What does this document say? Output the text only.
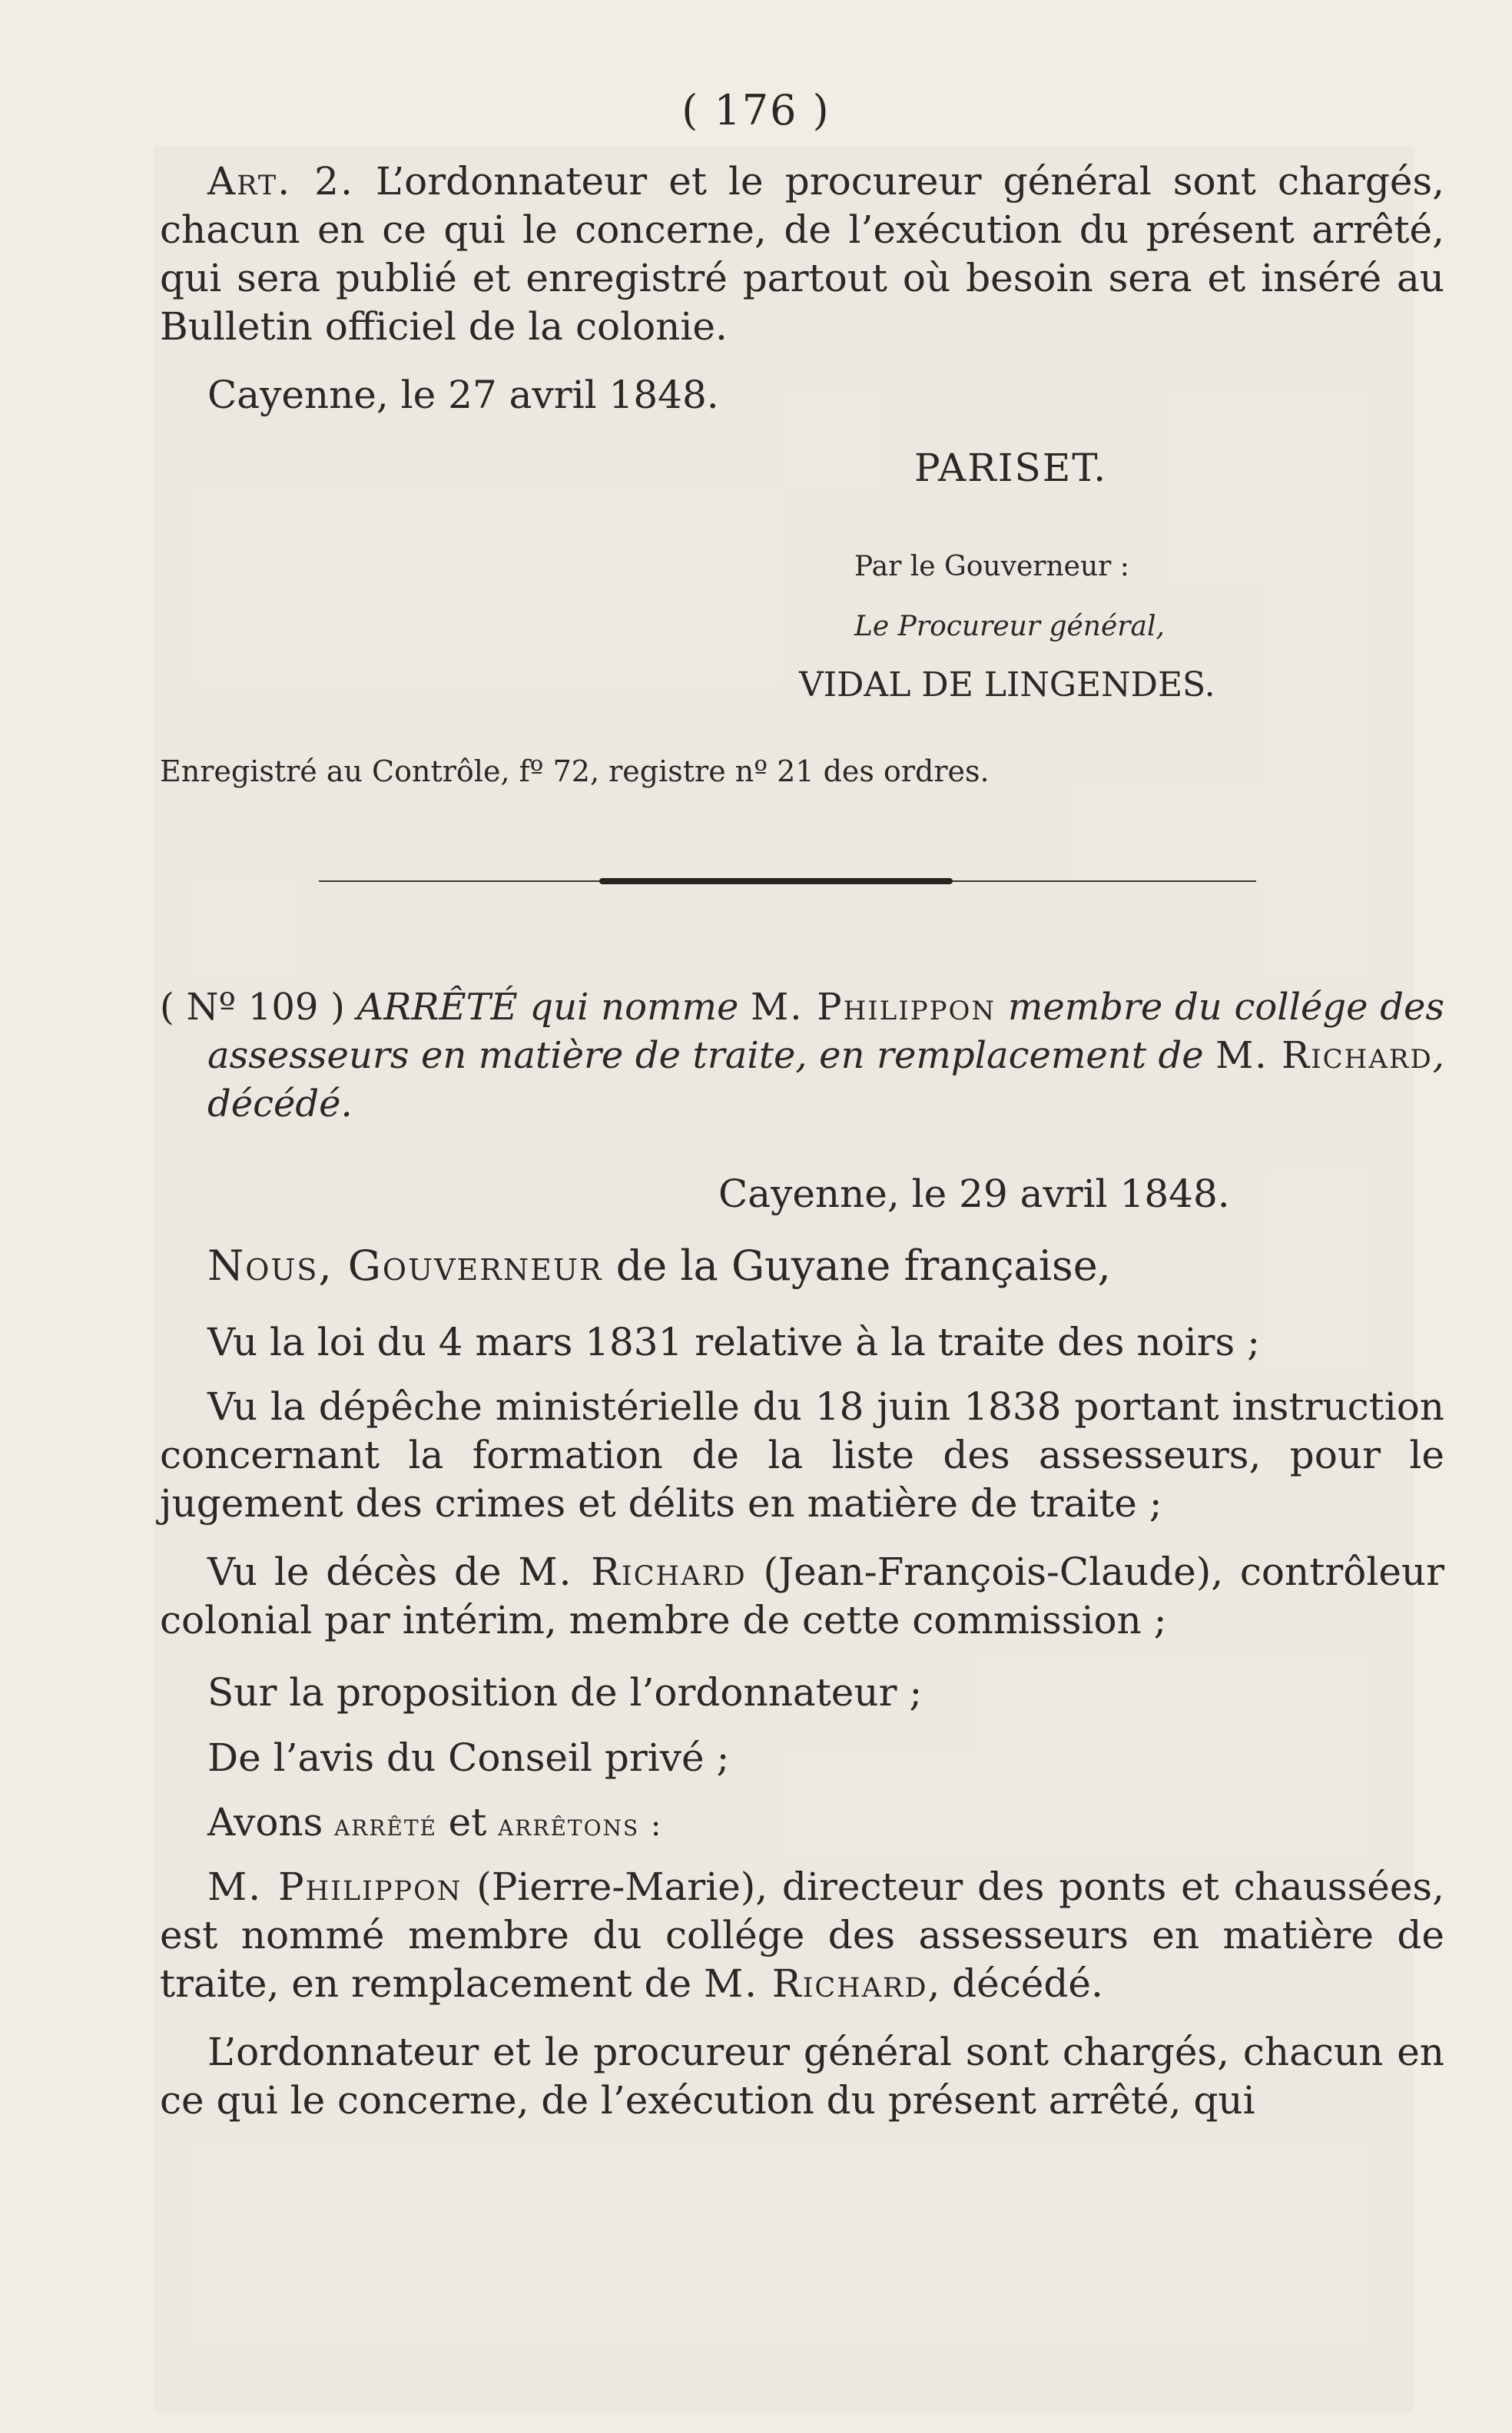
( 176 )

Art. 2. L’ordonnateur et le procureur général sont chargés, chacun en ce qui le concerne, de l’exécution du présent arrêté, qui sera publié et enregistré partout où besoin sera et inséré au Bulletin officiel de la colonie.

Cayenne, le 27 avril 1848.
PARISET.
Par le Gouverneur :
Le Procureur général,
VIDAL DE LINGENDES.
Enregistré au Contrôle, fº 72, registre nº 21 des ordres.

( Nº 109 ) ARRÊTÉ qui nomme M. Philippon membre du collége des assesseurs en matière de traite, en remplacement de M. Richard, décédé.

Cayenne, le 29 avril 1848.

Nous, Gouverneur de la Guyane française,

Vu la loi du 4 mars 1831 relative à la traite des noirs ;

Vu la dépêche ministérielle du 18 juin 1838 portant instruction concernant la formation de la liste des assesseurs, pour le jugement des crimes et délits en matière de traite ;

Vu le décès de M. Richard (Jean-François-Claude), contrôleur colonial par intérim, membre de cette commission ;

Sur la proposition de l’ordonnateur ;

De l’avis du Conseil privé ;

Avons arrêté et arrêtons :

M. Philippon (Pierre-Marie), directeur des ponts et chaussées, est nommé membre du collége des assesseurs en matière de traite, en remplacement de M. Richard, décédé.

L’ordonnateur et le procureur général sont chargés, chacun en ce qui le concerne, de l’exécution du présent arrêté, qui
